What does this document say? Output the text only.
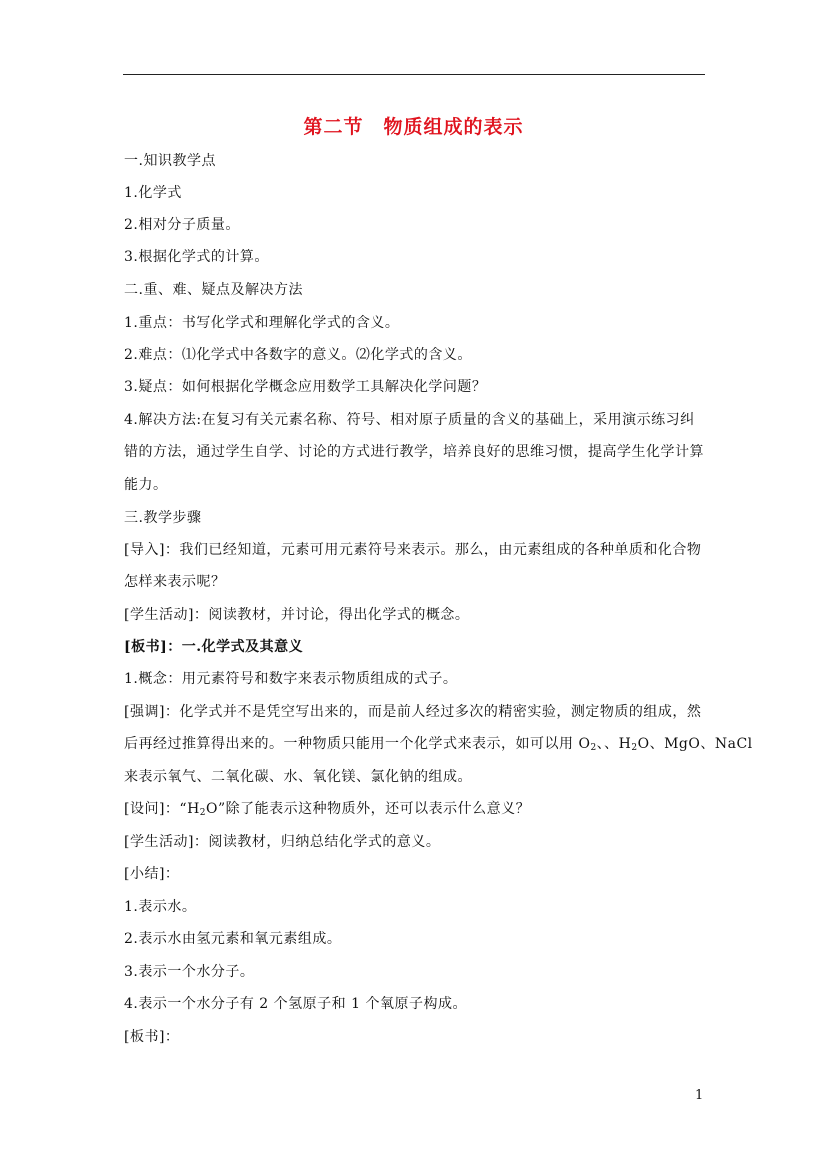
第二节　物质组成的表示
一.知识教学点
1.化学式
2.相对分子质量。
3.根据化学式的计算。
二.重、难、疑点及解决方法
1.重点：书写化学式和理解化学式的含义。
2.难点：⑴化学式中各数字的意义。⑵化学式的含义。
3.疑点：如何根据化学概念应用数学工具解决化学问题？
4.解决方法:在复习有关元素名称、符号、相对原子质量的含义的基础上，采用演示练习纠
错的方法，通过学生自学、讨论的方式进行教学，培养良好的思维习惯，提高学生化学计算
能力。
三.教学步骤
[导入]：我们已经知道，元素可用元素符号来表示。那么，由元素组成的各种单质和化合物
怎样来表示呢？
[学生活动]：阅读教材，并讨论，得出化学式的概念。
[板书]：一.化学式及其意义
1.概念：用元素符号和数字来表示物质组成的式子。
[强调]：化学式并不是凭空写出来的，而是前人经过多次的精密实验，测定物质的组成，然
后再经过推算得出来的。一种物质只能用一个化学式来表示，如可以用 $O_2$、、$H_2O$、MgO、NaCl
来表示氧气、二氧化碳、水、氧化镁、氯化钠的组成。
[设问]：“$H_2O$”除了能表示这种物质外，还可以表示什么意义？
[学生活动]：阅读教材，归纳总结化学式的意义。
[小结]：
1.表示水。
2.表示水由氢元素和氧元素组成。
3.表示一个水分子。
4.表示一个水分子有 2 个氢原子和 1 个氧原子构成。
[板书]：
1
